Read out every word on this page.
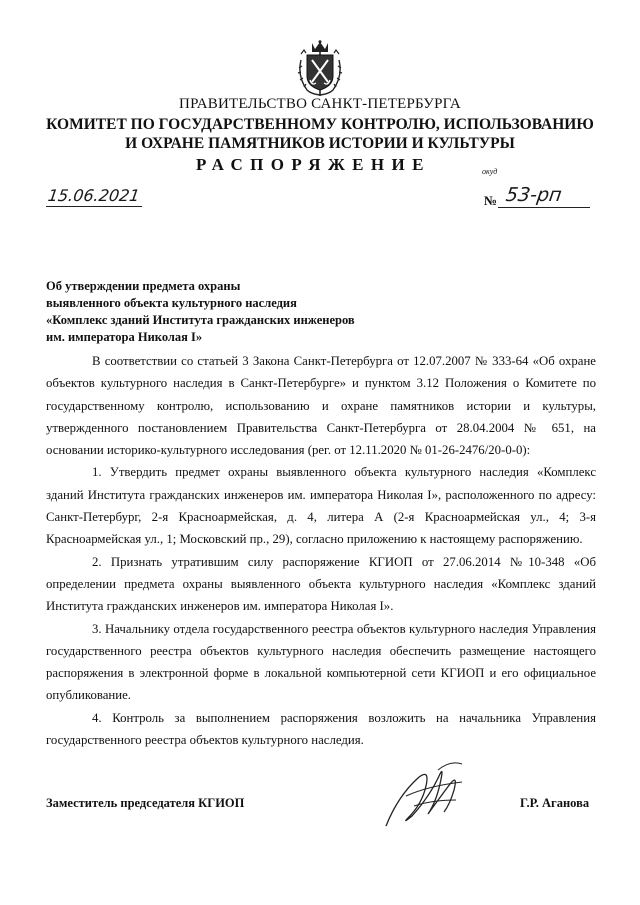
ПРАВИТЕЛЬСТВО САНКТ-ПЕТЕРБУРГА
КОМИТЕТ ПО ГОСУДАРСТВЕННОМУ КОНТРОЛЮ, ИСПОЛЬЗОВАНИЮ
И ОХРАНЕ ПАМЯТНИКОВ ИСТОРИИ И КУЛЬТУРЫ
РАСПОРЯЖЕНИЕ	окуд
15.06.2021	№ 53-рп
Об утверждении предмета охраны
выявленного объекта культурного наследия
«Комплекс зданий Института гражданских инженеров
им. императора Николая I»

В соответствии со статьей 3 Закона Санкт-Петербурга от 12.07.2007 № 333-64 «Об охране объектов культурного наследия в Санкт-Петербурге» и пунктом 3.12 Положения о Комитете по государственному контролю, использованию и охране памятников истории и культуры, утвержденного постановлением Правительства Санкт-Петербурга от 28.04.2004 № 651, на основании историко-культурного исследования (рег. от 12.11.2020 № 01-26-2476/20-0-0):

1. Утвердить предмет охраны выявленного объекта культурного наследия «Комплекс зданий Института гражданских инженеров им. императора Николая I», расположенного по адресу: Санкт-Петербург, 2-я Красноармейская, д. 4, литера А (2-я Красноармейская ул., 4; 3-я Красноармейская ул., 1; Московский пр., 29), согласно приложению к настоящему распоряжению.

2. Признать утратившим силу распоряжение КГИОП от 27.06.2014 №10-348 «Об определении предмета охраны выявленного объекта культурного наследия «Комплекс зданий Института гражданских инженеров им. императора Николая I».

3. Начальнику отдела государственного реестра объектов культурного наследия Управления государственного реестра объектов культурного наследия обеспечить размещение настоящего распоряжения в электронной форме в локальной компьютерной сети КГИОП и его официальное опубликование.

4. Контроль за выполнением распоряжения возложить на начальника Управления государственного реестра объектов культурного наследия.

Заместитель председателя КГИОП	Г.Р. Аганова
